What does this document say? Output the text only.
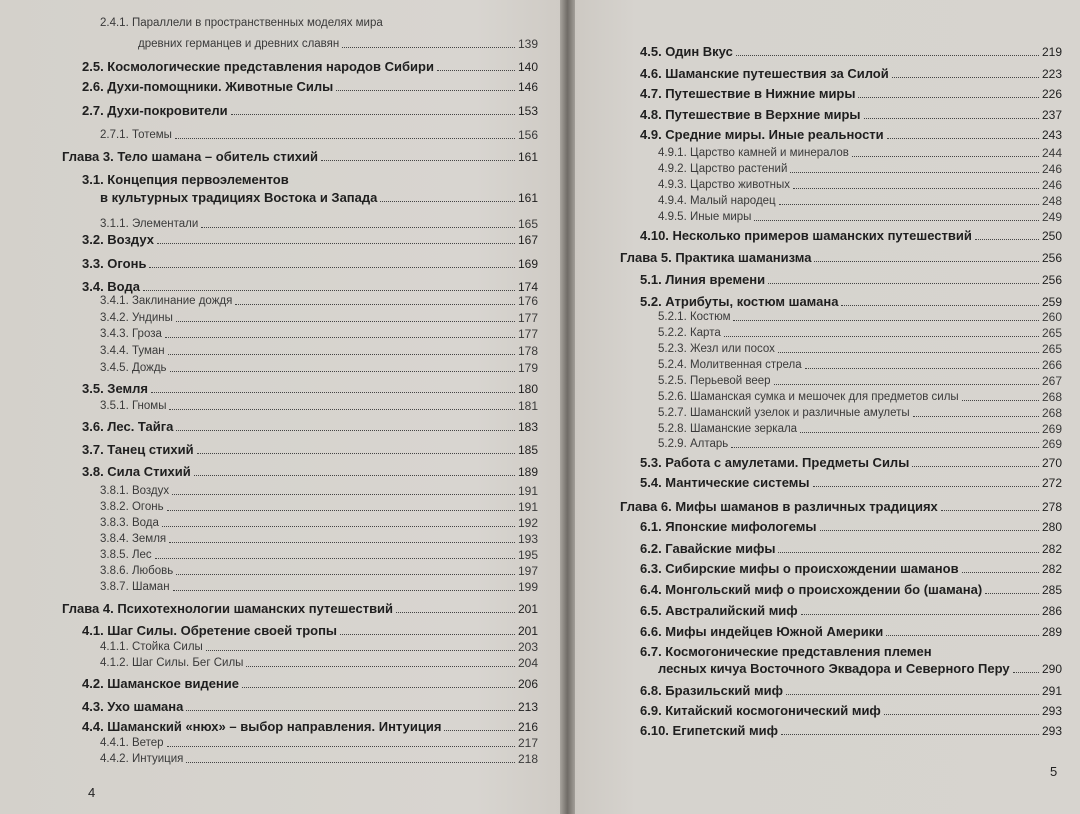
4
5
2.4.1. Параллели в пространственных моделях мира
древних германцев и древних славян	139
2.5. Космологические представления народов Сибири	140
2.6. Духи-помощники. Животные Силы	146
2.7. Духи-покровители	153
2.7.1. Тотемы	156
Глава 3. Тело шамана – обитель стихий	161
3.1. Концепция первоэлементов
в культурных традициях Востока и Запада	161
3.1.1. Элементали	165
3.2. Воздух	167
3.3. Огонь	169
3.4. Вода	174
3.4.1. Заклинание дождя	176
3.4.2. Ундины	177
3.4.3. Гроза	177
3.4.4. Туман	178
3.4.5. Дождь	179
3.5. Земля	180
3.5.1. Гномы	181
3.6. Лес. Тайга	183
3.7. Танец стихий	185
3.8. Сила Стихий	189
3.8.1. Воздух	191
3.8.2. Огонь	191
3.8.3. Вода	192
3.8.4. Земля	193
3.8.5. Лес	195
3.8.6. Любовь	197
3.8.7. Шаман	199
Глава 4. Психотехнологии шаманских путешествий	201
4.1. Шаг Силы. Обретение своей тропы	201
4.1.1. Стойка Силы	203
4.1.2. Шаг Силы. Бег Силы	204
4.2. Шаманское видение	206
4.3. Ухо шамана	213
4.4. Шаманский «нюх» – выбор направления. Интуиция	216
4.4.1. Ветер	217
4.4.2. Интуиция	218
4.5. Один Вкус	219
4.6. Шаманские путешествия за Силой	223
4.7. Путешествие в Нижние миры	226
4.8. Путешествие в Верхние миры	237
4.9. Средние миры. Иные реальности	243
4.9.1. Царство камней и минералов	244
4.9.2. Царство растений	246
4.9.3. Царство животных	246
4.9.4. Малый народец	248
4.9.5. Иные миры	249
4.10. Несколько примеров шаманских путешествий	250
Глава 5. Практика шаманизма	256
5.1. Линия времени	256
5.2. Атрибуты, костюм шамана	259
5.2.1. Костюм	260
5.2.2. Карта	265
5.2.3. Жезл или посох	265
5.2.4. Молитвенная стрела	266
5.2.5. Перьевой веер	267
5.2.6. Шаманская сумка и мешочек для предметов силы	268
5.2.7. Шаманский узелок и различные амулеты	268
5.2.8. Шаманские зеркала	269
5.2.9. Алтарь	269
5.3. Работа с амулетами. Предметы Силы	270
5.4. Мантические системы	272
Глава 6. Мифы шаманов в различных традициях	278
6.1. Японские мифологемы	280
6.2. Гавайские мифы	282
6.3. Сибирские мифы о происхождении шаманов	282
6.4. Монгольский миф о происхождении бо (шамана)	285
6.5. Австралийский миф	286
6.6. Мифы индейцев Южной Америки	289
6.7. Космогонические представления племен
лесных кичуа Восточного Эквадора и Северного Перу	290
6.8. Бразильский миф	291
6.9. Китайский космогонический миф	293
6.10. Египетский миф	293
